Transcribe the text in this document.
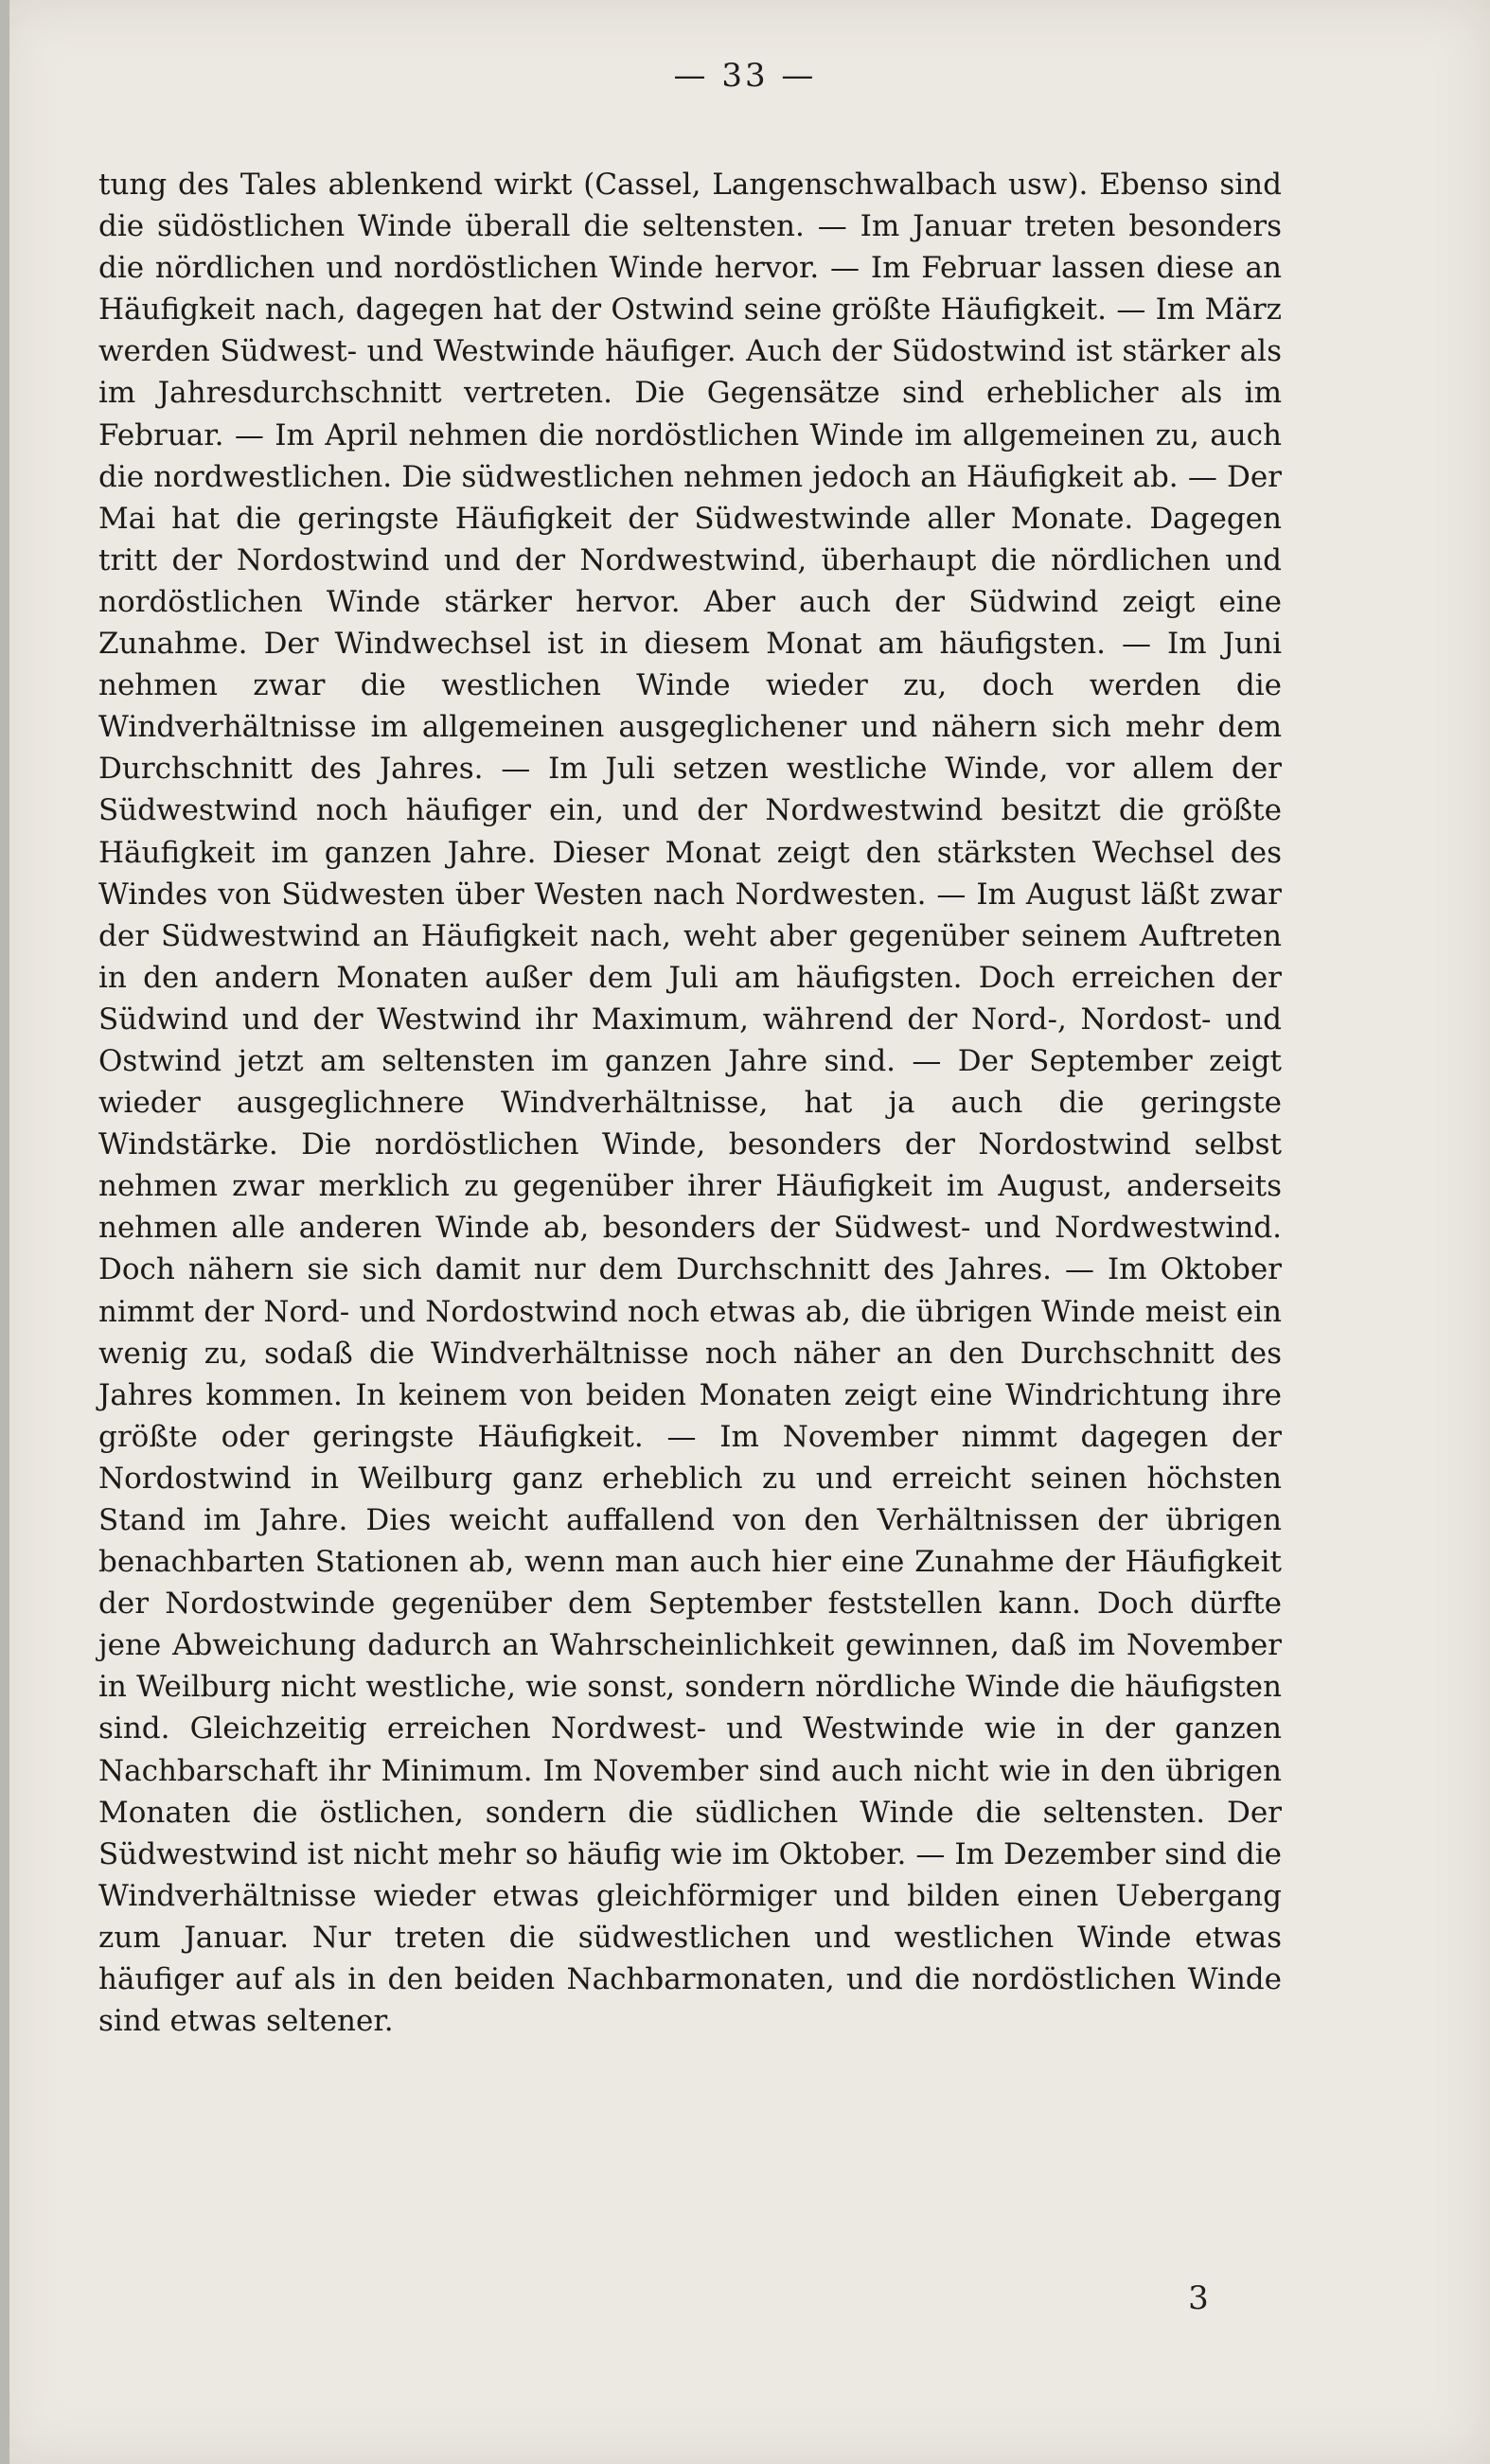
— 33 —

tung des Tales ablenkend wirkt (Cassel, Langenschwalbach usw). Ebenso sind die südöstlichen Winde überall die seltensten. — Im Januar treten besonders die nördlichen und nordöstlichen Winde hervor. — Im Februar lassen diese an Häufigkeit nach, dagegen hat der Ostwind seine größte Häufigkeit. — Im März werden Südwest- und Westwinde häufiger. Auch der Südostwind ist stärker als im Jahresdurchschnitt vertreten. Die Gegensätze sind erheblicher als im Februar. — Im April nehmen die nordöstlichen Winde im allgemeinen zu, auch die nordwestlichen. Die südwestlichen nehmen jedoch an Häufigkeit ab. — Der Mai hat die geringste Häufigkeit der Südwestwinde aller Monate. Dagegen tritt der Nordostwind und der Nordwestwind, überhaupt die nördlichen und nordöstlichen Winde stärker hervor. Aber auch der Südwind zeigt eine Zunahme. Der Windwechsel ist in diesem Monat am häufigsten. — Im Juni nehmen zwar die westlichen Winde wieder zu, doch werden die Windverhältnisse im allgemeinen ausgeglichener und nähern sich mehr dem Durchschnitt des Jahres. — Im Juli setzen westliche Winde, vor allem der Südwestwind noch häufiger ein, und der Nordwestwind besitzt die größte Häufigkeit im ganzen Jahre. Dieser Monat zeigt den stärksten Wechsel des Windes von Südwesten über Westen nach Nordwesten. — Im August läßt zwar der Südwestwind an Häufigkeit nach, weht aber gegenüber seinem Auftreten in den andern Monaten außer dem Juli am häufigsten. Doch erreichen der Südwind und der Westwind ihr Maximum, während der Nord-, Nordost- und Ostwind jetzt am seltensten im ganzen Jahre sind. — Der September zeigt wieder ausgeglichnere Windverhältnisse, hat ja auch die geringste Windstärke. Die nordöstlichen Winde, besonders der Nordostwind selbst nehmen zwar merklich zu gegenüber ihrer Häufigkeit im August, anderseits nehmen alle anderen Winde ab, besonders der Südwest- und Nordwestwind. Doch nähern sie sich damit nur dem Durchschnitt des Jahres. — Im Oktober nimmt der Nord- und Nordostwind noch etwas ab, die übrigen Winde meist ein wenig zu, sodaß die Windverhältnisse noch näher an den Durchschnitt des Jahres kommen. In keinem von beiden Monaten zeigt eine Windrichtung ihre größte oder geringste Häufigkeit. — Im November nimmt dagegen der Nordostwind in Weilburg ganz erheblich zu und erreicht seinen höchsten Stand im Jahre. Dies weicht auffallend von den Verhältnissen der übrigen benachbarten Stationen ab, wenn man auch hier eine Zunahme der Häufigkeit der Nordostwinde gegenüber dem September feststellen kann. Doch dürfte jene Abweichung dadurch an Wahrscheinlichkeit gewinnen, daß im November in Weilburg nicht westliche, wie sonst, sondern nördliche Winde die häufigsten sind. Gleichzeitig erreichen Nordwest- und Westwinde wie in der ganzen Nachbarschaft ihr Minimum. Im November sind auch nicht wie in den übrigen Monaten die östlichen, sondern die südlichen Winde die seltensten. Der Südwestwind ist nicht mehr so häufig wie im Oktober. — Im Dezember sind die Windverhältnisse wieder etwas gleichförmiger und bilden einen Uebergang zum Januar. Nur treten die südwestlichen und westlichen Winde etwas häufiger auf als in den beiden Nachbarmonaten, und die nordöstlichen Winde sind etwas seltener.

3
